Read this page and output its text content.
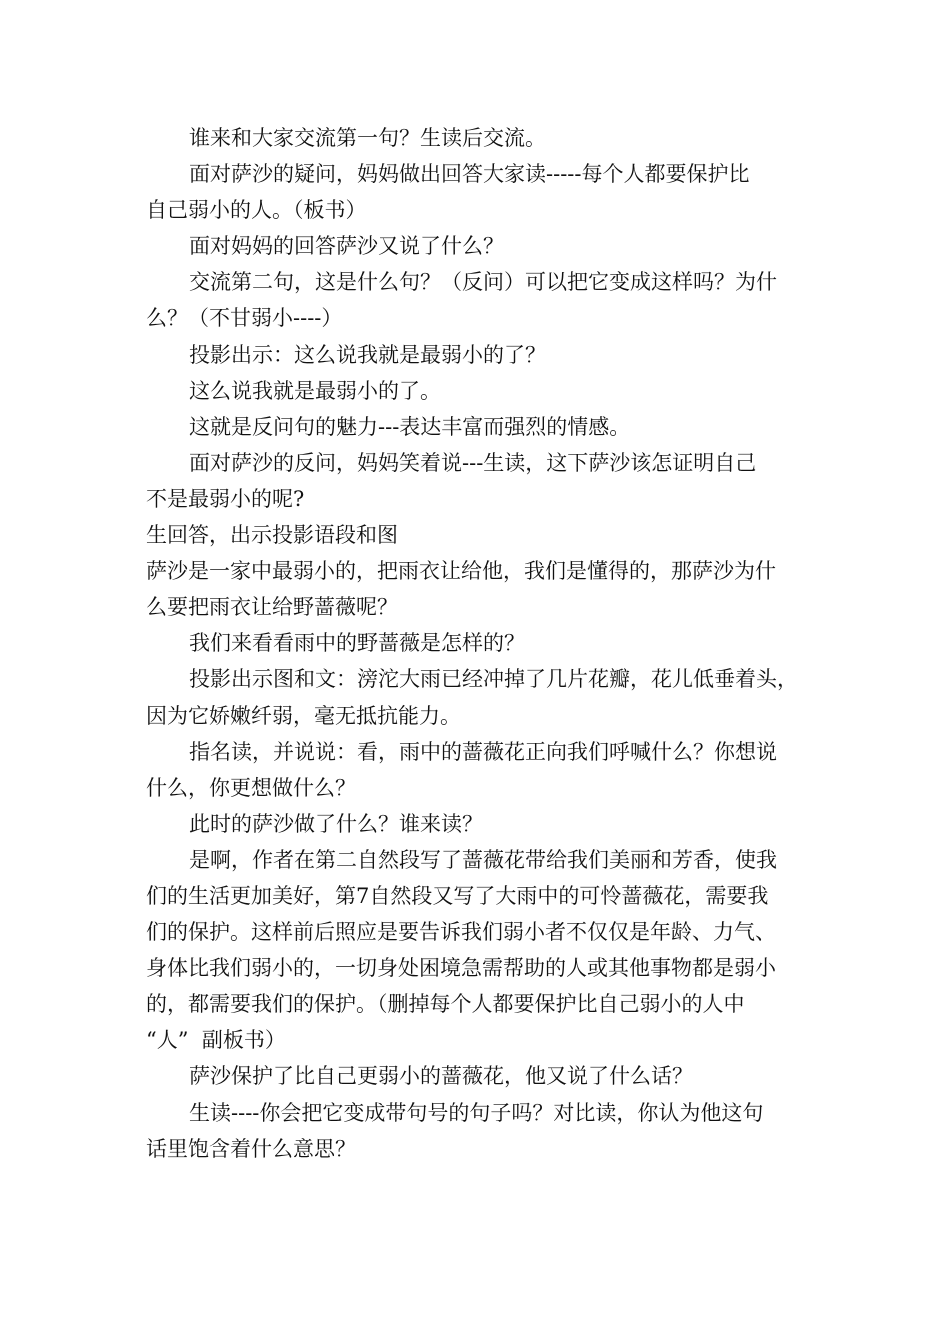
谁来和大家交流第一句？生读后交流。

面对萨沙的疑问，妈妈做出回答大家读-----每个人都要保护比

自己弱小的人。（板书）

面对妈妈的回答萨沙又说了什么？

交流第二句，这是什么句？（反问）可以把它变成这样吗？为什

么？（不甘弱小----）

投影出示：这么说我就是最弱小的了？

这么说我就是最弱小的了。

这就是反问句的魅力---表达丰富而强烈的情感。

面对萨沙的反问，妈妈笑着说---生读，这下萨沙该怎证明自己

不是最弱小的呢?

生回答，出示投影语段和图

萨沙是一家中最弱小的，把雨衣让给他，我们是懂得的，那萨沙为什

么要把雨衣让给野蔷薇呢？

我们来看看雨中的野蔷薇是怎样的？

投影出示图和文：滂沱大雨已经冲掉了几片花瓣，花儿低垂着头，

因为它娇嫩纤弱，毫无抵抗能力。

指名读，并说说：看，雨中的蔷薇花正向我们呼喊什么？你想说

什么，你更想做什么？

此时的萨沙做了什么？谁来读？

是啊，作者在第二自然段写了蔷薇花带给我们美丽和芳香，使我

们的生活更加美好，第7自然段又写了大雨中的可怜蔷薇花，需要我

们的保护。这样前后照应是要告诉我们弱小者不仅仅是年龄、力气、

身体比我们弱小的，一切身处困境急需帮助的人或其他事物都是弱小

的，都需要我们的保护。（删掉每个人都要保护比自己弱小的人中

“人”  副板书）

萨沙保护了比自己更弱小的蔷薇花，他又说了什么话？

生读----你会把它变成带句号的句子吗？对比读，你认为他这句

话里饱含着什么意思？
